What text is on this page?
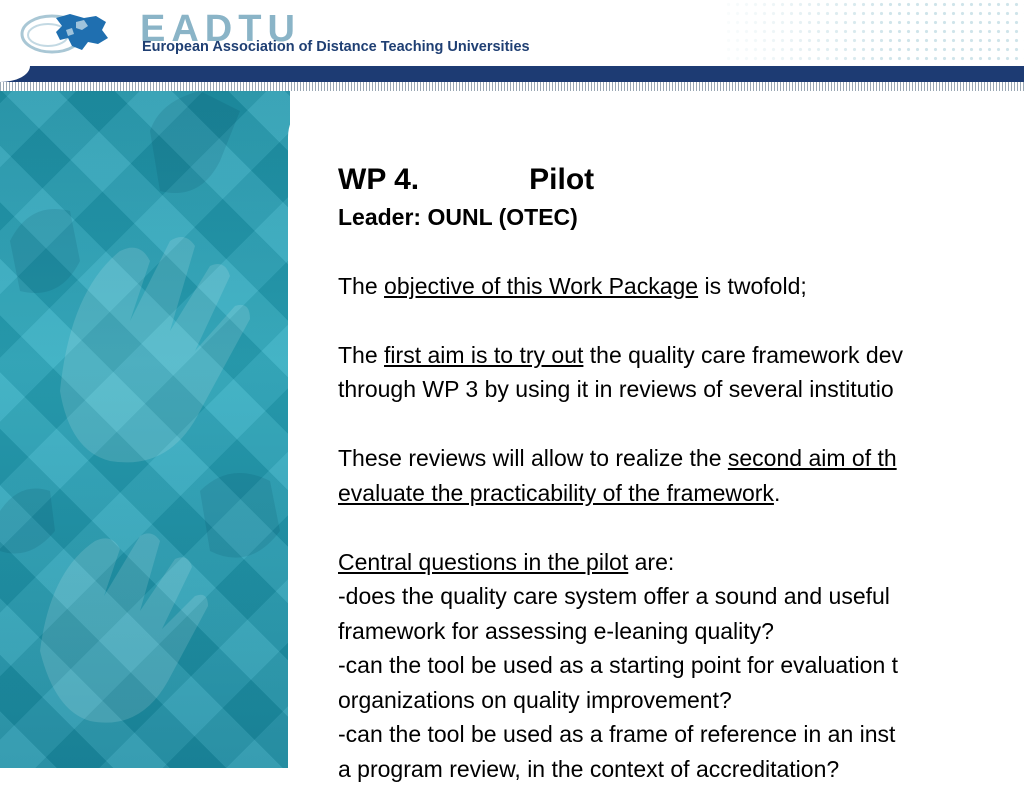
EADTU
European Association of Distance Teaching Universities
WP 4.	Pilot
Leader: OUNL (OTEC)
The objective of this Work Package is twofold;
The first aim is to try out the quality care framework dev
through WP 3 by using it in reviews of several institutio
These reviews will allow to realize the second aim of th
evaluate the practicability of the framework.
Central questions in the pilot are:
-does the quality care system offer a sound and useful
framework for assessing e-leaning quality?
-can the tool be used as a starting point for evaluation t
organizations on quality improvement?
-can the tool be used as a frame of reference in an inst
a program review, in the context of accreditation?
